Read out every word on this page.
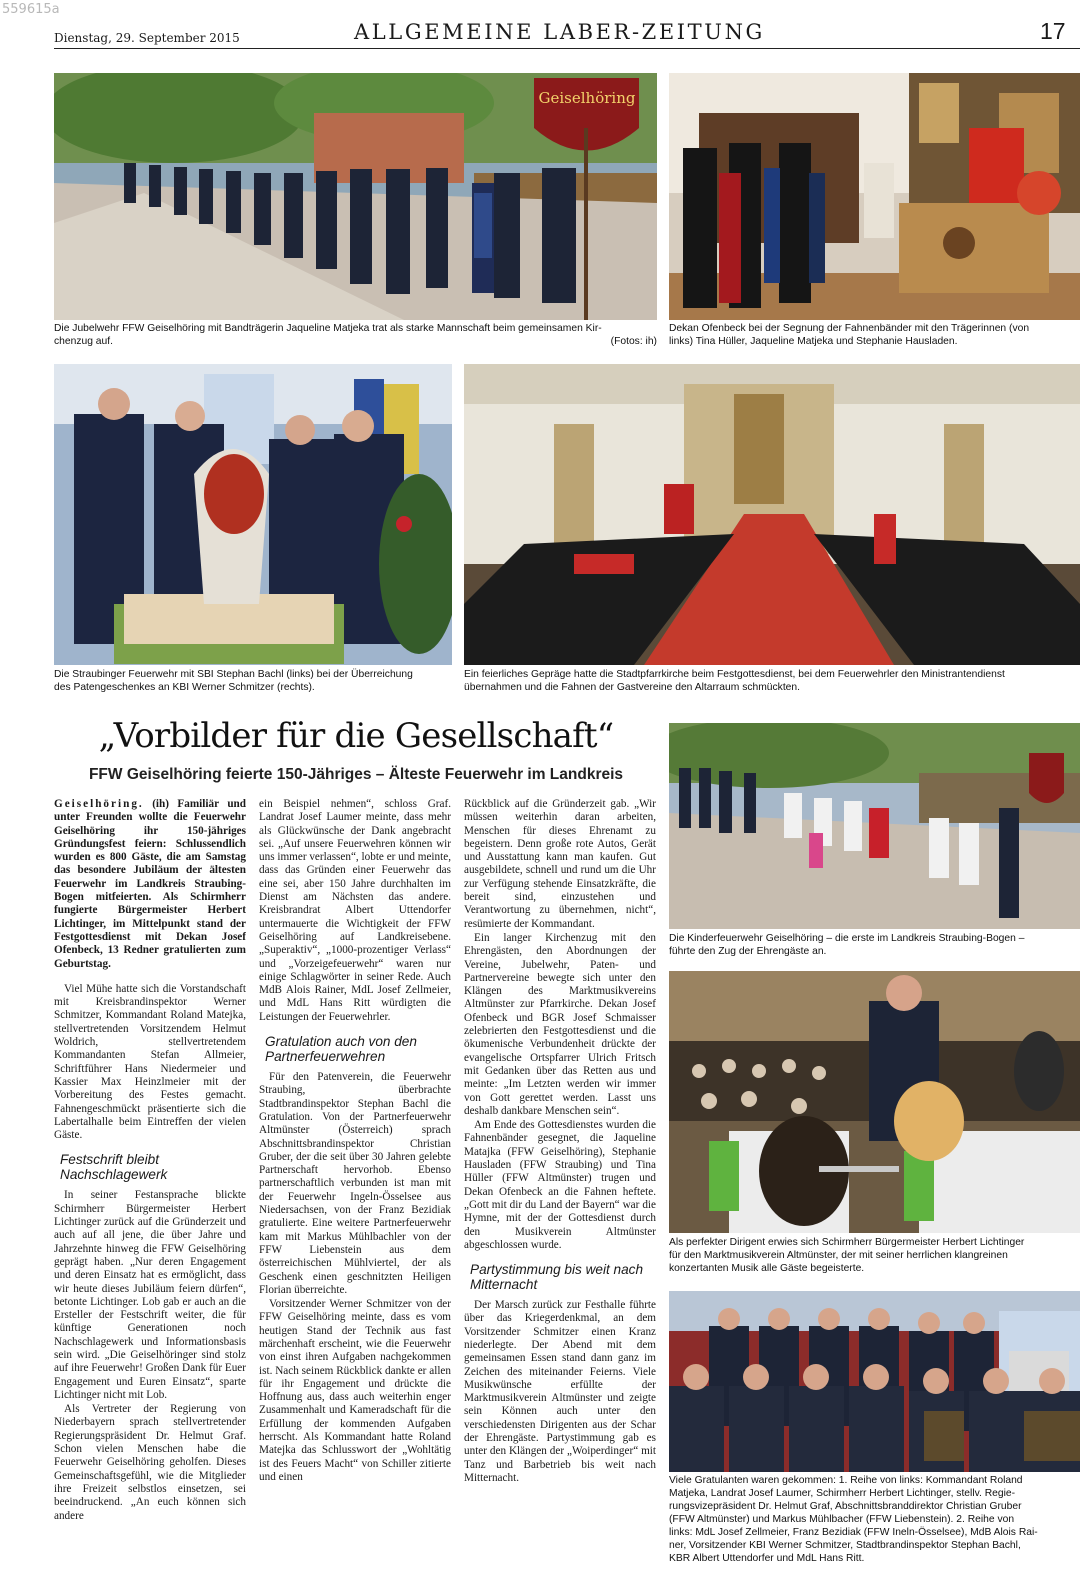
559615a
Dienstag, 29. September 2015	ALLGEMEINE LABER-ZEITUNG	17
Geiselhöring
Die Jubelwehr FFW Geiselhöring mit Bandträgerin Jaqueline Matjeka trat als starke Mannschaft beim gemeinsamen Kir-
chenzug auf.	(Fotos: ih)
Dekan Ofenbeck bei der Segnung der Fahnenbänder mit den Trägerinnen (von
links) Tina Hüller, Jaqueline Matjeka und Stephanie Hausladen.
Die Straubinger Feuerwehr mit SBI Stephan Bachl (links) bei der Überreichung
des Patengeschenkes an KBI Werner Schmitzer (rechts).
Ein feierliches Gepräge hatte die Stadtpfarrkirche beim Festgottesdienst, bei dem Feuerwehrler den Ministrantendienst
übernahmen und die Fahnen der Gastvereine den Altarraum schmückten.
„Vorbilder für die Gesellschaft“
FFW Geiselhöring feierte 150-Jähriges – Älteste Feuerwehr im Landkreis

Geiselhöring. (ih) Familiär und unter Freunden wollte die Feuerwehr Geiselhöring ihr 150-jähriges Gründungsfest feiern: Schlussendlich wurden es 800 Gäste, die am Samstag das besondere Jubiläum der ältesten Feuerwehr im Landkreis Straubing-Bogen mitfeierten. Als Schirmherr fungierte Bürgermeister Herbert Lichtinger, im Mittelpunkt stand der Festgottesdienst mit Dekan Josef Ofenbeck, 13 Redner gratulierten zum Geburtstag.

Viel Mühe hatte sich die Vorstandschaft mit Kreisbrandinspektor Werner Schmitzer, Kommandant Roland Matejka, stellvertretenden Vorsitzendem Helmut Woldrich, stellvertretendem Kommandanten Stefan Allmeier, Schriftführer Hans Niedermeier und Kassier Max Heinzlmeier mit der Vorbereitung des Festes gemacht. Fahnengeschmückt präsentierte sich die Labertalhalle beim Eintreffen der vielen Gäste.

Festschrift bleibt Nachschlagewerk

In seiner Festansprache blickte Schirmherr Bürgermeister Herbert Lichtinger zurück auf die Gründerzeit und auch auf all jene, die über Jahre und Jahrzehnte hinweg die FFW Geiselhöring geprägt haben. „Nur deren Engagement und deren Einsatz hat es ermöglicht, dass wir heute dieses Jubiläum feiern dürfen“, betonte Lichtinger. Lob gab er auch an die Ersteller der Festschrift weiter, die für künftige Generationen noch Nachschlagewerk und Informationsbasis sein wird. „Die Geiselhöringer sind stolz auf ihre Feuerwehr! Großen Dank für Euer Engagement und Euren Einsatz“, sparte Lichtinger nicht mit Lob.

Als Vertreter der Regierung von Niederbayern sprach stellvertretender Regierungspräsident Dr. Helmut Graf. Schon vielen Menschen habe die Feuerwehr Geiselhöring geholfen. Dieses Gemeinschaftsgefühl, wie die Mitglieder ihre Freizeit selbstlos einsetzen, sei beeindruckend. „An euch können sich andere

ein Beispiel nehmen“, schloss Graf. Landrat Josef Laumer meinte, dass mehr als Glückwünsche der Dank angebracht sei. „Auf unsere Feuerwehren können wir uns immer verlassen“, lobte er und meinte, dass das Gründen einer Feuerwehr das eine sei, aber 150 Jahre durchhalten im Dienst am Nächsten das andere. Kreisbrandrat Albert Uttendorfer untermauerte die Wichtigkeit der FFW Geiselhöring auf Landkreisebene. „Superaktiv“, „1000-prozentiger Verlass“ und „Vorzeigefeuerwehr“ waren nur einige Schlagwörter in seiner Rede. Auch MdB Alois Rainer, MdL Josef Zellmeier, und MdL Hans Ritt würdigten die Leistungen der Feuerwehrler.

Gratulation auch von den Partnerfeuerwehren

Für den Patenverein, die Feuerwehr Straubing, überbrachte Stadtbrandinspektor Stephan Bachl die Gratulation. Von der Partnerfeuerwehr Altmünster (Österreich) sprach Abschnittsbrandinspektor Christian Gruber, der die seit über 30 Jahren gelebte Partnerschaft hervorhob. Ebenso partnerschaftlich verbunden ist man mit der Feuerwehr Ingeln-Össelsee aus Niedersachsen, von der Franz Bezidiak gratulierte. Eine weitere Partnerfeuerwehr kam mit Markus Mühlbachler von der FFW Liebenstein aus dem österreichischen Mühlviertel, der als Geschenk einen geschnitzten Heiligen Florian überreichte.

Vorsitzender Werner Schmitzer von der FFW Geiselhöring meinte, dass es vom heutigen Stand der Technik aus fast märchenhaft erscheint, wie die Feuerwehr von einst ihren Aufgaben nachgekommen ist. Nach seinem Rückblick dankte er allen für ihr Engagement und drückte die Hoffnung aus, dass auch weiterhin enger Zusammenhalt und Kameradschaft für die Erfüllung der kommenden Aufgaben herrscht. Als Kommandant hatte Roland Matejka das Schlusswort der „Wohltätig ist des Feuers Macht“ von Schiller zitierte und einen

Rückblick auf die Gründerzeit gab. „Wir müssen weiterhin daran arbeiten, Menschen für dieses Ehrenamt zu begeistern. Denn große rote Autos, Gerät und Ausstattung kann man kaufen. Gut ausgebildete, schnell und rund um die Uhr zur Verfügung stehende Einsatzkräfte, die bereit sind, einzustehen und Verantwortung zu übernehmen, nicht“, resümierte der Kommandant.

Ein langer Kirchenzug mit den Ehrengästen, den Abordnungen der Vereine, Jubelwehr, Paten- und Partnervereine bewegte sich unter den Klängen des Marktmusikvereins Altmünster zur Pfarrkirche. Dekan Josef Ofenbeck und BGR Josef Schmaisser zelebrierten den Festgottesdienst und die ökumenische Verbundenheit drückte der evangelische Ortspfarrer Ulrich Fritsch mit Gedanken über das Retten aus und meinte: „Im Letzten werden wir immer von Gott gerettet werden. Lasst uns deshalb dankbare Menschen sein“.

Am Ende des Gottesdienstes wurden die Fahnenbänder gesegnet, die Jaqueline Matajka (FFW Geiselhöring), Stephanie Hausladen (FFW Straubing) und Tina Hüller (FFW Altmünster) trugen und Dekan Ofenbeck an die Fahnen heftete. „Gott mit dir du Land der Bayern“ war die Hymne, mit der der Gottesdienst durch den Musikverein Altmünster abgeschlossen wurde.

Partystimmung bis weit nach Mitternacht

Der Marsch zurück zur Festhalle führte über das Kriegerdenkmal, an dem Vorsitzender Schmitzer einen Kranz niederlegte. Der Abend mit dem gemeinsamen Essen stand dann ganz im Zeichen des miteinander Feierns. Viele Musikwünsche erfüllte der Marktmusikverein Altmünster und zeigte sein Können auch unter den verschiedensten Dirigenten aus der Schar der Ehrengäste. Partystimmung gab es unter den Klängen der „Woiperdinger“ mit Tanz und Barbetrieb bis weit nach Mitternacht.

Die Kinderfeuerwehr Geiselhöring – die erste im Landkreis Straubing-Bogen –
führte den Zug der Ehrengäste an.
Als perfekter Dirigent erwies sich Schirmherr Bürgermeister Herbert Lichtinger
für den Marktmusikverein Altmünster, der mit seiner herrlichen klangreinen
konzertanten Musik alle Gäste begeisterte.
Viele Gratulanten waren gekommen: 1. Reihe von links: Kommandant Roland
Matjeka, Landrat Josef Laumer, Schirmherr Herbert Lichtinger, stellv. Regie-
rungsvizepräsident Dr. Helmut Graf, Abschnittsbranddirektor Christian Gruber
(FFW Altmünster) und Markus Mühlbacher (FFW Liebenstein). 2. Reihe von
links: MdL Josef Zellmeier, Franz Bezidiak (FFW Ineln-Össelsee), MdB Alois Rai-
ner, Vorsitzender KBI Werner Schmitzer, Stadtbrandinspektor Stephan Bachl,
KBR Albert Uttendorfer und MdL Hans Ritt.
